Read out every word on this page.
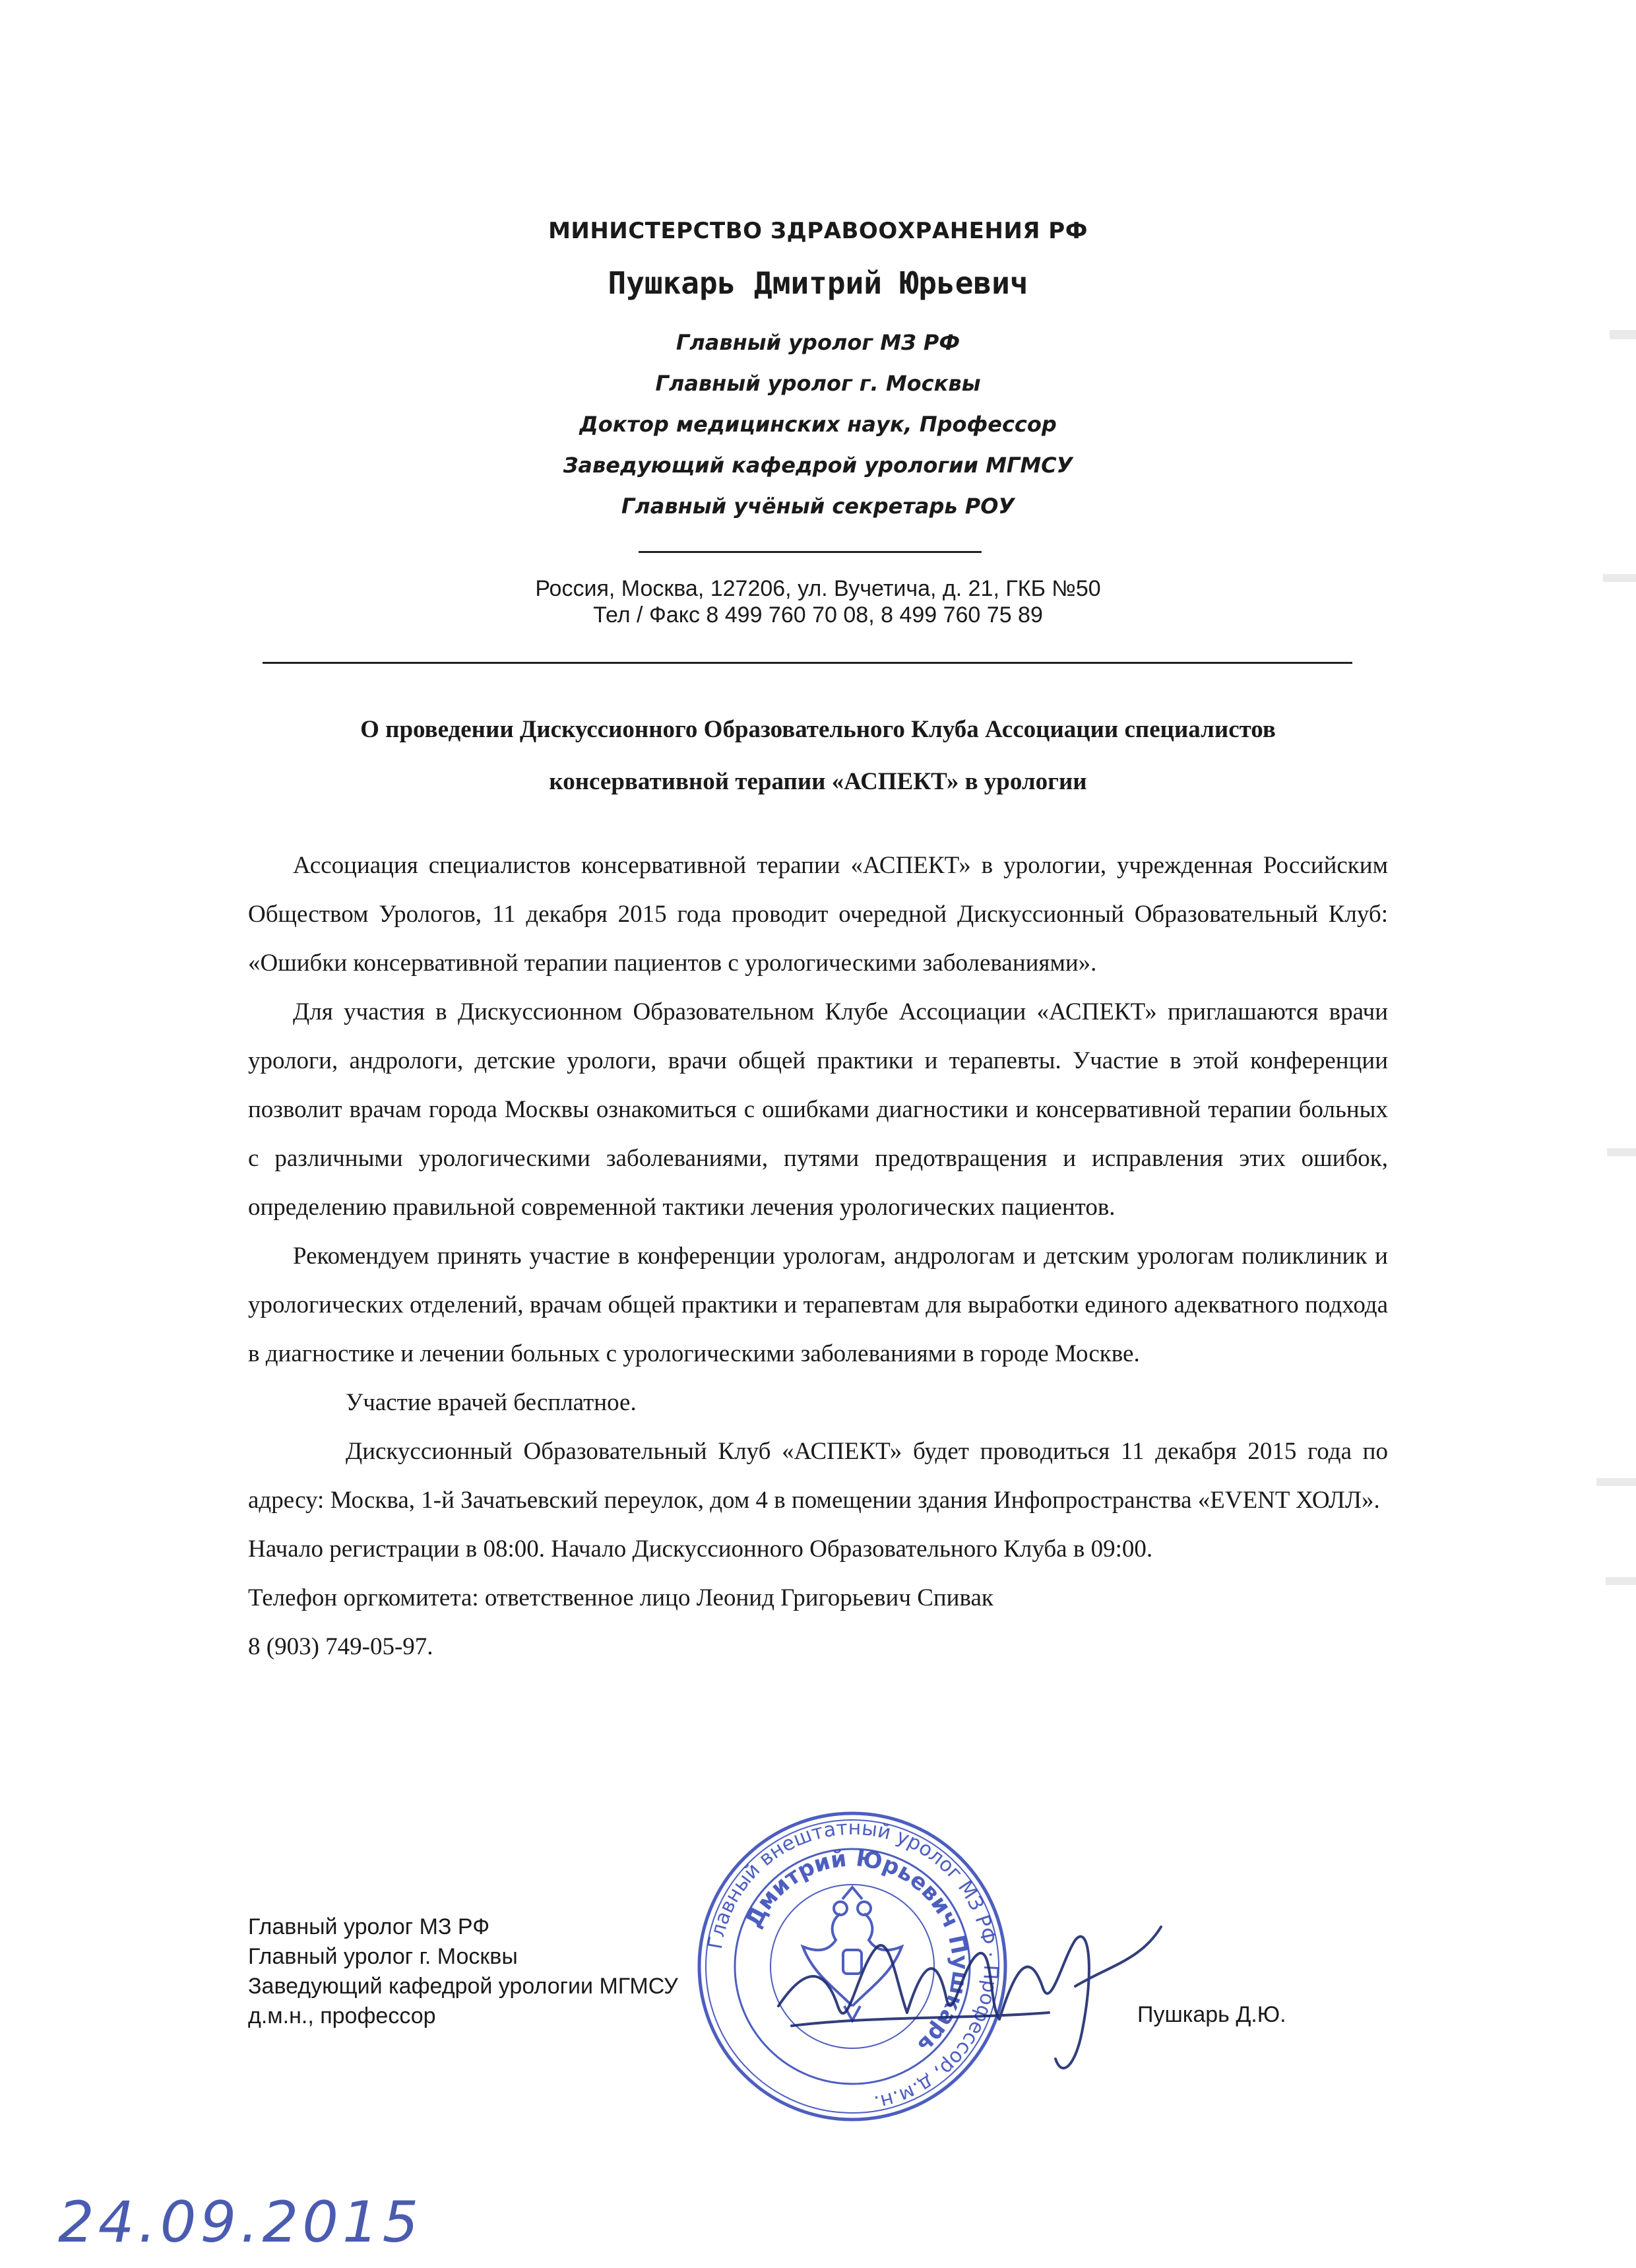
МИНИСТЕРСТВО ЗДРАВООХРАНЕНИЯ РФ
Пушкарь Дмитрий Юрьевич
Главный уролог МЗ РФ
Главный уролог г. Москвы
Доктор медицинских наук, Профессор
Заведующий кафедрой урологии МГМСУ
Главный учёный секретарь РОУ
Россия, Москва, 127206, ул. Вучетича, д. 21, ГКБ №50
Тел / Факс 8 499 760 70 08, 8 499 760 75 89
О проведении Дискуссионного Образовательного Клуба Ассоциации специалистов
консервативной терапии «АСПЕКТ» в урологии

Ассоциация специалистов консервативной терапии «АСПЕКТ» в урологии, учрежденная Российским Обществом Урологов, 11 декабря 2015 года проводит очередной Дискуссионный Образовательный Клуб: «Ошибки консервативной терапии пациентов с урологическими заболеваниями».

Для участия в Дискуссионном Образовательном Клубе Ассоциации «АСПЕКТ» приглашаются врачи урологи, андрологи, детские урологи, врачи общей практики и терапевты. Участие в этой конференции позволит врачам города Москвы ознакомиться с ошибками диагностики и консервативной терапии больных с различными урологическими заболеваниями, путями предотвращения и исправления этих ошибок, определению правильной современной тактики лечения урологических пациентов.

Рекомендуем принять участие в конференции урологам, андрологам и детским урологам поликлиник и урологических отделений, врачам общей практики и терапевтам для выработки единого адекватного подхода в диагностике и лечении больных с урологическими заболеваниями в городе Москве.

Участие врачей бесплатное.

Дискуссионный Образовательный Клуб «АСПЕКТ» будет проводиться 11 декабря 2015 года по адресу: Москва, 1-й Зачатьевский переулок, дом 4 в помещении здания Инфопространства «EVENT ХОЛЛ».

Начало регистрации в 08:00. Начало Дискуссионного Образовательного Клуба в 09:00.

Телефон оргкомитета: ответственное лицо Леонид Григорьевич Спивак

8 (903) 749-05-97.

Главный уролог МЗ РФ
Главный уролог г. Москвы
Заведующий кафедрой урологии МГМСУ
д.м.н., профессор	Пушкарь Д.Ю.
Главный внештатный уролог МЗ РФ · Профессор, д.м.н.
Дмитрий Юрьевич Пушкарь
24.09.2015
